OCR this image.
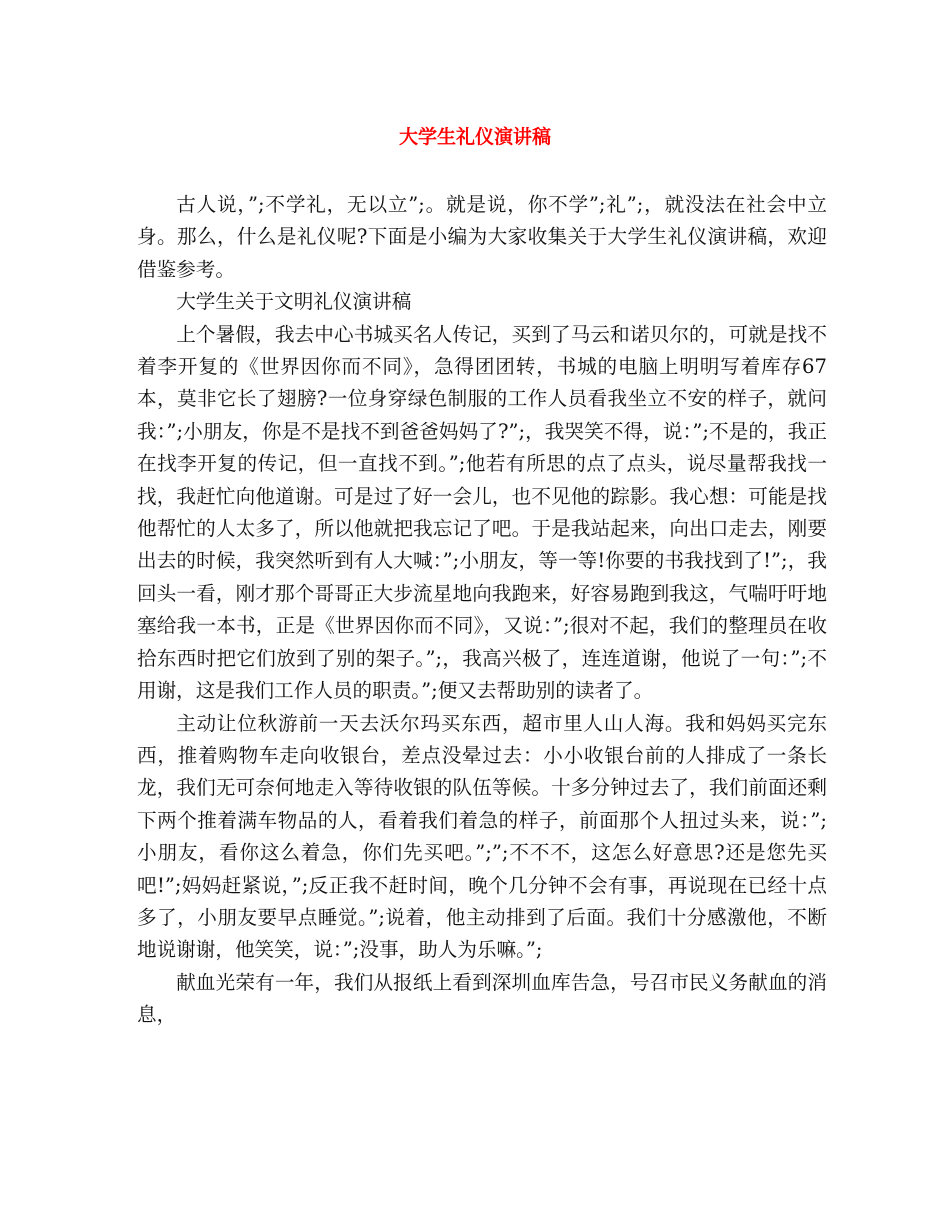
大学生礼仪演讲稿

古人说，”;不学礼，无以立”;。就是说，你不学”;礼”;，就没法在社会中立身。那么，什么是礼仪呢?下面是小编为大家收集关于大学生礼仪演讲稿，欢迎借鉴参考。

大学生关于文明礼仪演讲稿

上个暑假，我去中心书城买名人传记，买到了马云和诺贝尔的，可就是找不着李开复的《世界因你而不同》，急得团团转，书城的电脑上明明写着库存67本，莫非它长了翅膀?一位身穿绿色制服的工作人员看我坐立不安的样子，就问我：”;小朋友，你是不是找不到爸爸妈妈了?”;，我哭笑不得，说：”;不是的，我正在找李开复的传记，但一直找不到。”;他若有所思的点了点头，说尽量帮我找一找，我赶忙向他道谢。可是过了好一会儿，也不见他的踪影。我心想：可能是找他帮忙的人太多了，所以他就把我忘记了吧。于是我站起来，向出口走去，刚要出去的时候，我突然听到有人大喊：”;小朋友，等一等!你要的书我找到了!”;，我回头一看，刚才那个哥哥正大步流星地向我跑来，好容易跑到我这，气喘吁吁地塞给我一本书，正是《世界因你而不同》，又说：”;很对不起，我们的整理员在收拾东西时把它们放到了别的架子。”;，我高兴极了，连连道谢，他说了一句：”;不用谢，这是我们工作人员的职责。”;便又去帮助别的读者了。

主动让位秋游前一天去沃尔玛买东西，超市里人山人海。我和妈妈买完东西，推着购物车走向收银台，差点没晕过去：小小收银台前的人排成了一条长龙，我们无可奈何地走入等待收银的队伍等候。十多分钟过去了，我们前面还剩下两个推着满车物品的人，看着我们着急的样子，前面那个人扭过头来，说：”;小朋友，看你这么着急，你们先买吧。”;”;不不不，这怎么好意思?还是您先买吧!”;妈妈赶紧说，”;反正我不赶时间，晚个几分钟不会有事，再说现在已经十点多了，小朋友要早点睡觉。”;说着，他主动排到了后面。我们十分感激他，不断地说谢谢，他笑笑，说：”;没事，助人为乐嘛。”;

献血光荣有一年，我们从报纸上看到深圳血库告急，号召市民义务献血的消息，
